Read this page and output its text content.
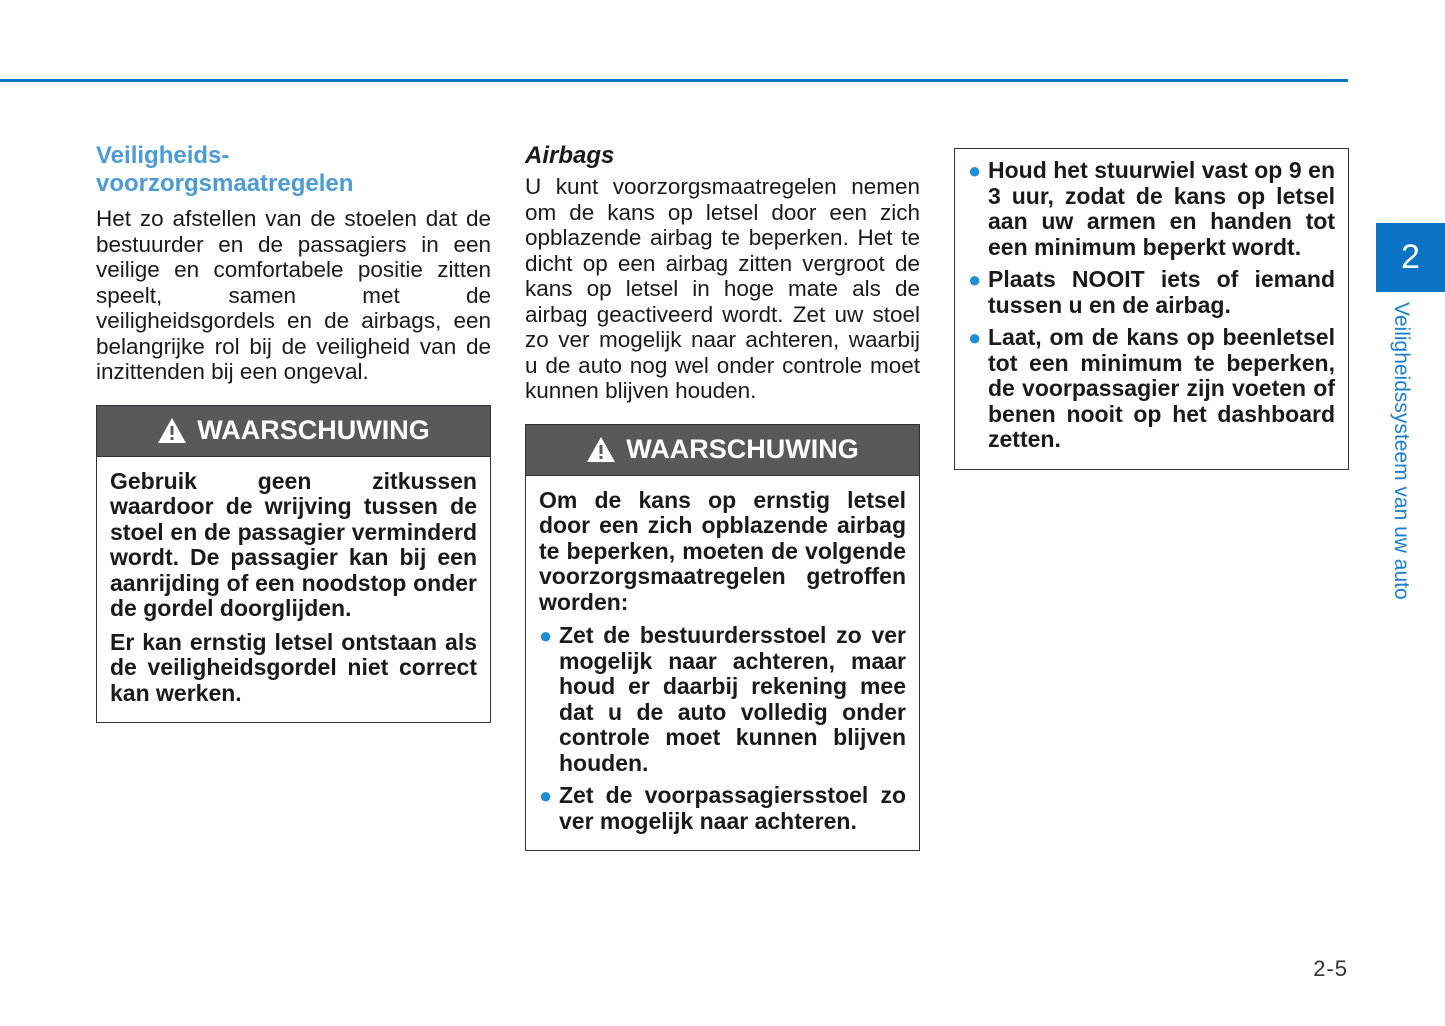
Veiligheids-
voorzorgsmaatregelen

Het zo afstellen van de stoelen dat de bestuurder en de passagiers in een veilige en comfortabele positie zitten speelt, samen met de veiligheidsgordels en de airbags, een belangrijke rol bij de veiligheid van de inzittenden bij een ongeval.

WAARSCHUWING

Gebruik geen zitkussen waardoor de wrijving tussen de stoel en de passagier verminderd wordt. De passagier kan bij een aanrijding of een noodstop onder de gordel doorglijden.

Er kan ernstig letsel ontstaan als de veiligheidsgordel niet correct kan werken.

Airbags

U kunt voorzorgsmaatregelen nemen om de kans op letsel door een zich opblazende airbag te beperken. Het te dicht op een airbag zitten vergroot de kans op letsel in hoge mate als de airbag geactiveerd wordt. Zet uw stoel zo ver mogelijk naar achteren, waarbij u de auto nog wel onder controle moet kunnen blijven houden.

WAARSCHUWING

Om de kans op ernstig letsel door een zich opblazende airbag te beperken, moeten de volgende voorzorgsmaatregelen getroffen worden:

● Zet de bestuurdersstoel zo ver mogelijk naar achteren, maar houd er daarbij rekening mee dat u de auto volledig onder controle moet kunnen blijven houden.
● Zet de voorpassagiersstoel zo ver mogelijk naar achteren.
● Houd het stuurwiel vast op 9 en 3 uur, zodat de kans op letsel aan uw armen en handen tot een minimum beperkt wordt.
● Plaats NOOIT iets of iemand tussen u en de airbag.
● Laat, om de kans op beenletsel tot een minimum te beperken, de voorpassagier zijn voeten of benen nooit op het dashboard zetten.
2
Veiligheidssysteem van uw auto
2-5
